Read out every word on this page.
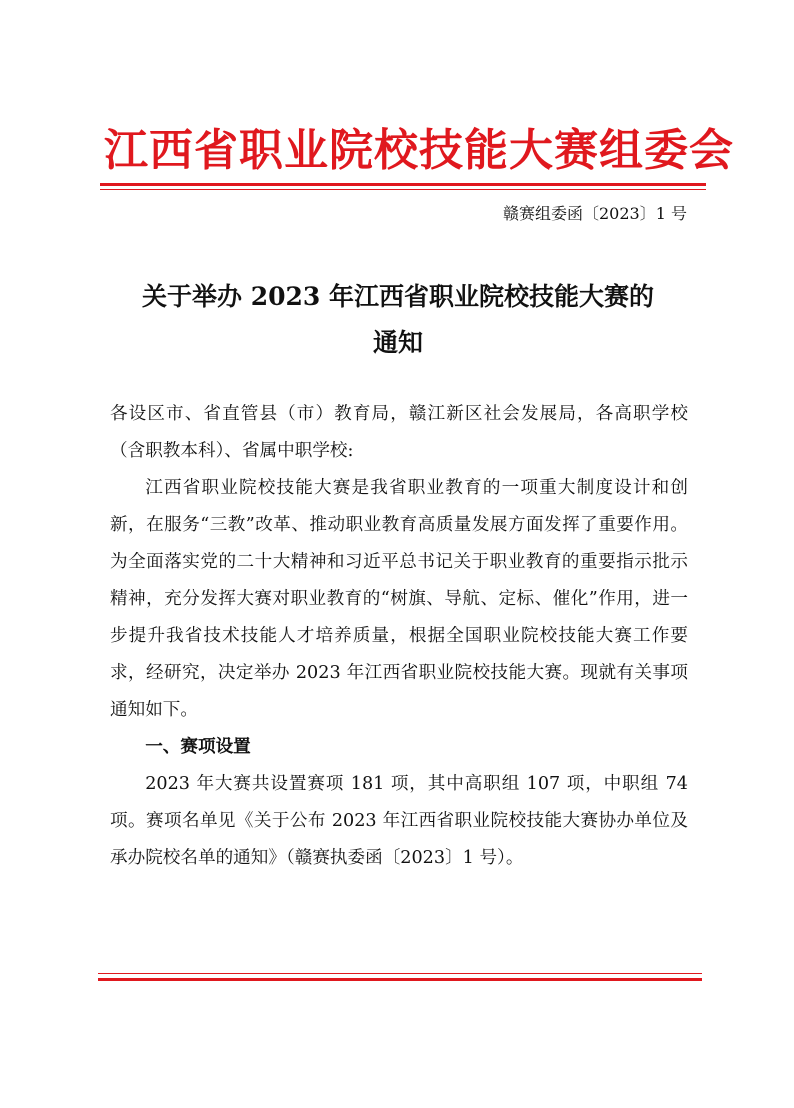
江西省职业院校技能大赛组委会
赣赛组委函〔2023〕1 号
关于举办 2023 年江西省职业院校技能大赛的
通知

各设区市、省直管县（市）教育局，赣江新区社会发展局，各高职学校（含职教本科）、省属中职学校:

江西省职业院校技能大赛是我省职业教育的一项重大制度设计和创新，在服务“三教”改革、推动职业教育高质量发展方面发挥了重要作用。为全面落实党的二十大精神和习近平总书记关于职业教育的重要指示批示精神，充分发挥大赛对职业教育的“树旗、导航、定标、催化”作用，进一步提升我省技术技能人才培养质量，根据全国职业院校技能大赛工作要求，经研究，决定举办 2023 年江西省职业院校技能大赛。现就有关事项通知如下。

一、赛项设置

2023 年大赛共设置赛项 181 项，其中高职组 107 项，中职组 74 项。赛项名单见《关于公布 2023 年江西省职业院校技能大赛协办单位及承办院校名单的通知》（赣赛执委函〔2023〕1 号）。
